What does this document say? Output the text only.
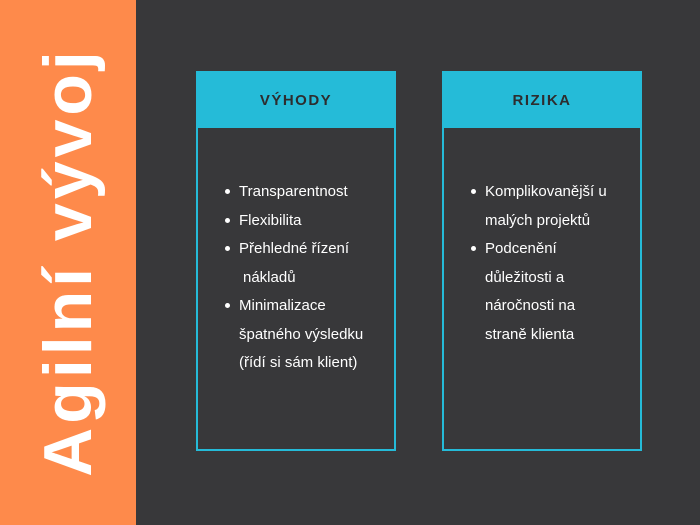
Agilní vývoj	VÝHODY
Transparentnost
Flexibilita
Přehledné řízení
nákladů
Minimalizace
špatného výsledku
(řídí si sám klient)
RIZIKA
Komplikovanější u
malých projektů
Podcenění
důležitosti a
náročnosti na
straně klienta
